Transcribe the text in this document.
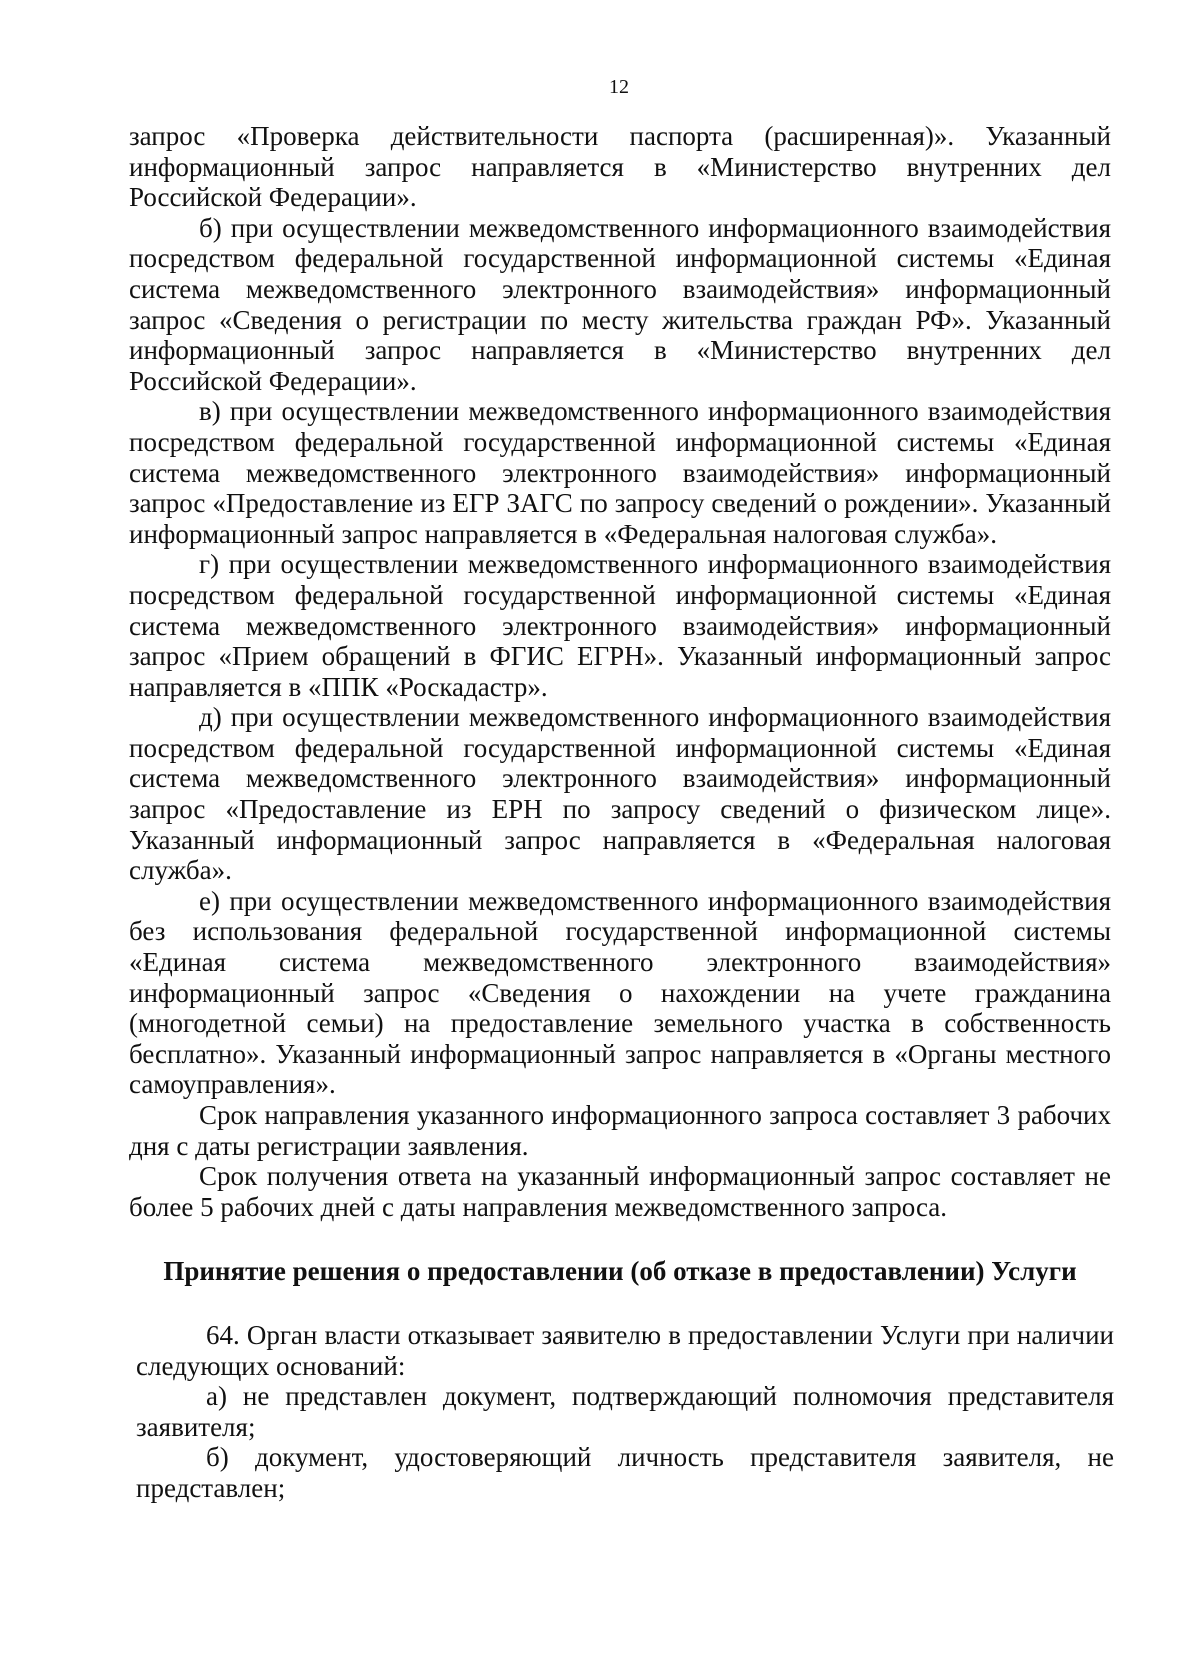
12

запрос «Проверка действительности паспорта (расширенная)». Указанный информационный запрос направляется в «Министерство внутренних дел Российской Федерации».

б) при осуществлении межведомственного информационного взаимодействия посредством федеральной государственной информационной системы «Единая система межведомственного электронного взаимодействия» информационный запрос «Сведения о регистрации по месту жительства граждан РФ». Указанный информационный запрос направляется в «Министерство внутренних дел Российской Федерации».

в) при осуществлении межведомственного информационного взаимодействия посредством федеральной государственной информационной системы «Единая система межведомственного электронного взаимодействия» информационный запрос «Предоставление из ЕГР ЗАГС по запросу сведений о рождении». Указанный информационный запрос направляется в «Федеральная налоговая служба».

г) при осуществлении межведомственного информационного взаимодействия посредством федеральной государственной информационной системы «Единая система межведомственного электронного взаимодействия» информационный запрос «Прием обращений в ФГИС ЕГРН». Указанный информационный запрос направляется в «ППК «Роскадастр».

д) при осуществлении межведомственного информационного взаимодействия посредством федеральной государственной информационной системы «Единая система межведомственного электронного взаимодействия» информационный запрос «Предоставление из ЕРН по запросу сведений о физическом лице». Указанный информационный запрос направляется в «Федеральная налоговая служба».

е) при осуществлении межведомственного информационного взаимодействия без использования федеральной государственной информационной системы «Единая система межведомственного электронного взаимодействия» информационный запрос «Сведения о нахождении на учете гражданина (многодетной семьи) на предоставление земельного участка в собственность бесплатно». Указанный информационный запрос направляется в «Органы местного самоуправления».

Срок направления указанного информационного запроса составляет 3 рабочих дня с даты регистрации заявления.

Срок получения ответа на указанный информационный запрос составляет не более 5 рабочих дней с даты направления межведомственного запроса.

Принятие решения о предоставлении (об отказе в предоставлении) Услуги

64. Орган власти отказывает заявителю в предоставлении Услуги при наличии следующих оснований:

а) не представлен документ, подтверждающий полномочия представителя заявителя;

б) документ, удостоверяющий личность представителя заявителя, не представлен;
